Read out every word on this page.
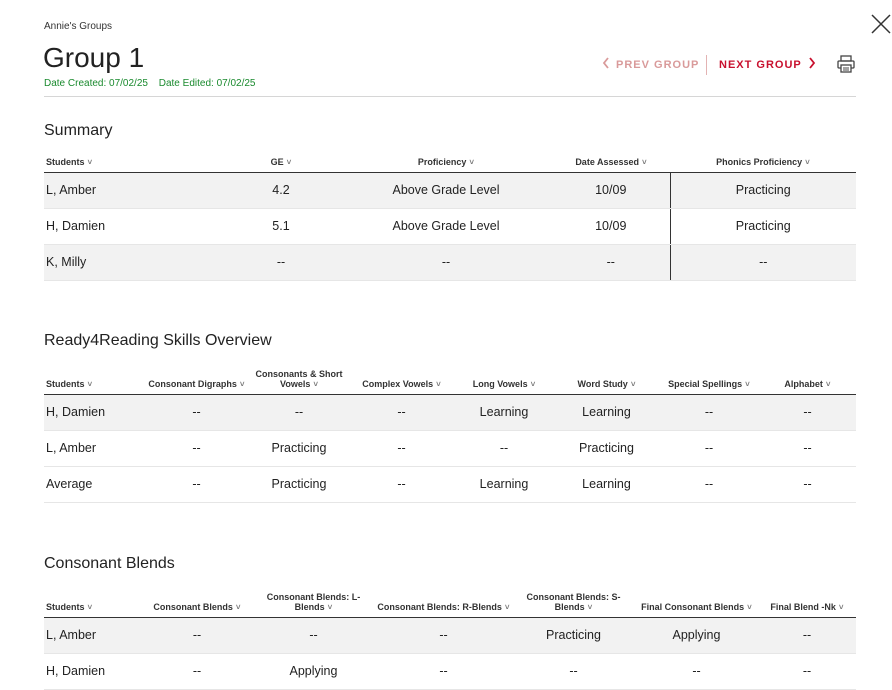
Annie's Groups
Group 1
Date Created: 07/02/25 Date Edited: 07/02/25
PREV GROUP NEXT GROUP
Summary
Students ˅	GE ˅	Proficiency ˅	Date Assessed ˅	Phonics Proficiency ˅
L, Amber	4.2	Above Grade Level	10/09	Practicing
H, Damien	5.1	Above Grade Level	10/09	Practicing
K, Milly	--	--	--	--
Ready4Reading Skills Overview
Students ˅	Consonant Digraphs ˅	Consonants & Short Vowels ˅	Complex Vowels ˅	Long Vowels ˅	Word Study ˅	Special Spellings ˅	Alphabet ˅
H, Damien	--	--	--	Learning	Learning	--	--
L, Amber	--	Practicing	--	--	Practicing	--	--
Average	--	Practicing	--	Learning	Learning	--	--
Consonant Blends
Students ˅	Consonant Blends ˅	Consonant Blends: L-Blends ˅	Consonant Blends: R-Blends ˅	Consonant Blends: S-Blends ˅	Final Consonant Blends ˅	Final Blend -Nk ˅
L, Amber	--	--	--	Practicing	Applying	--
H, Damien	--	Applying	--	--	--	--
